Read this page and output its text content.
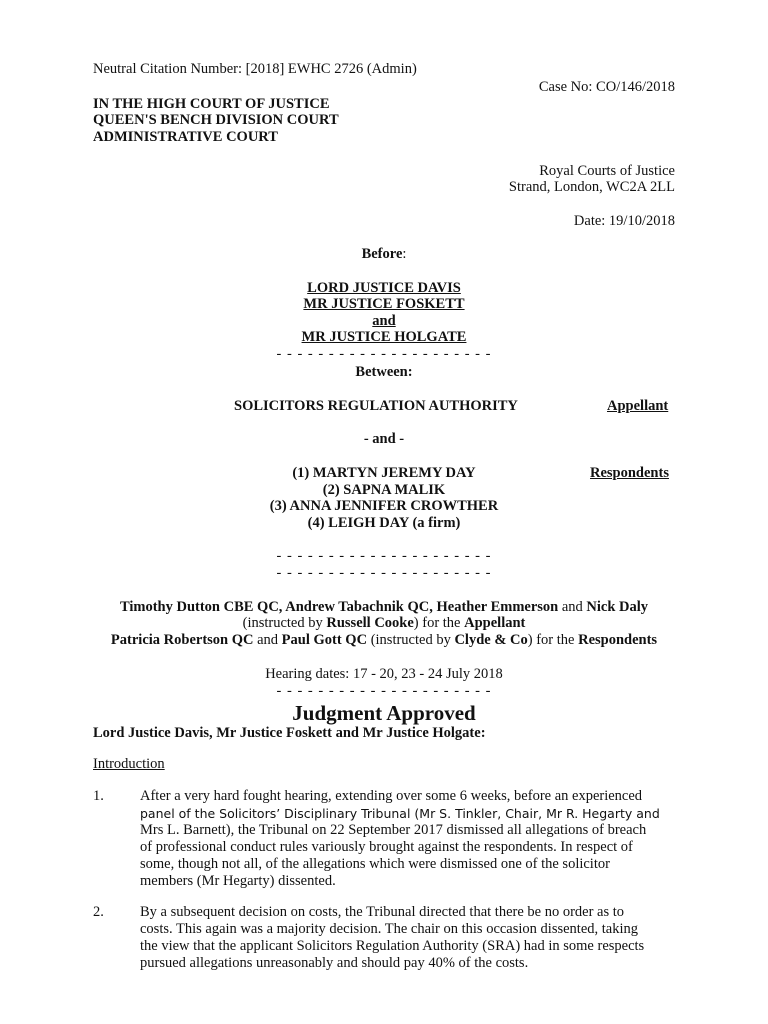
Neutral Citation Number: [2018] EWHC 2726 (Admin)
Case No: CO/146/2018
IN THE HIGH COURT OF JUSTICE
QUEEN'S BENCH DIVISION COURT
ADMINISTRATIVE COURT
Royal Courts of Justice
Strand, London, WC2A 2LL
Date: 19/10/2018
Before:
LORD JUSTICE DAVIS
MR JUSTICE FOSKETT
and
MR JUSTICE HOLGATE
- - - - - - - - - - - - - - - - - - - - -
Between:
SOLICITORS REGULATION AUTHORITY	Appellant
- and -
(1) MARTYN JEREMY DAY	Respondents
(2) SAPNA MALIK
(3) ANNA JENNIFER CROWTHER
(4) LEIGH DAY (a firm)
- - - - - - - - - - - - - - - - - - - - -
- - - - - - - - - - - - - - - - - - - - -
Timothy Dutton CBE QC, Andrew Tabachnik QC, Heather Emmerson and Nick Daly
(instructed by Russell Cooke) for the Appellant
Patricia Robertson QC and Paul Gott QC (instructed by Clyde & Co) for the Respondents
Hearing dates: 17 - 20, 23 - 24 July 2018
- - - - - - - - - - - - - - - - - - - - -
Judgment Approved
Lord Justice Davis, Mr Justice Foskett and Mr Justice Holgate:
Introduction
1. After a very hard fought hearing, extending over some 6 weeks, before an experienced
panel of the Solicitors’ Disciplinary Tribunal (Mr S. Tinkler, Chair, Mr R. Hegarty and
Mrs L. Barnett), the Tribunal on 22 September 2017 dismissed all allegations of breach
of professional conduct rules variously brought against the respondents. In respect of
some, though not all, of the allegations which were dismissed one of the solicitor
members (Mr Hegarty) dissented.
2. By a subsequent decision on costs, the Tribunal directed that there be no order as to
costs. This again was a majority decision. The chair on this occasion dissented, taking
the view that the applicant Solicitors Regulation Authority (SRA) had in some respects
pursued allegations unreasonably and should pay 40% of the costs.
